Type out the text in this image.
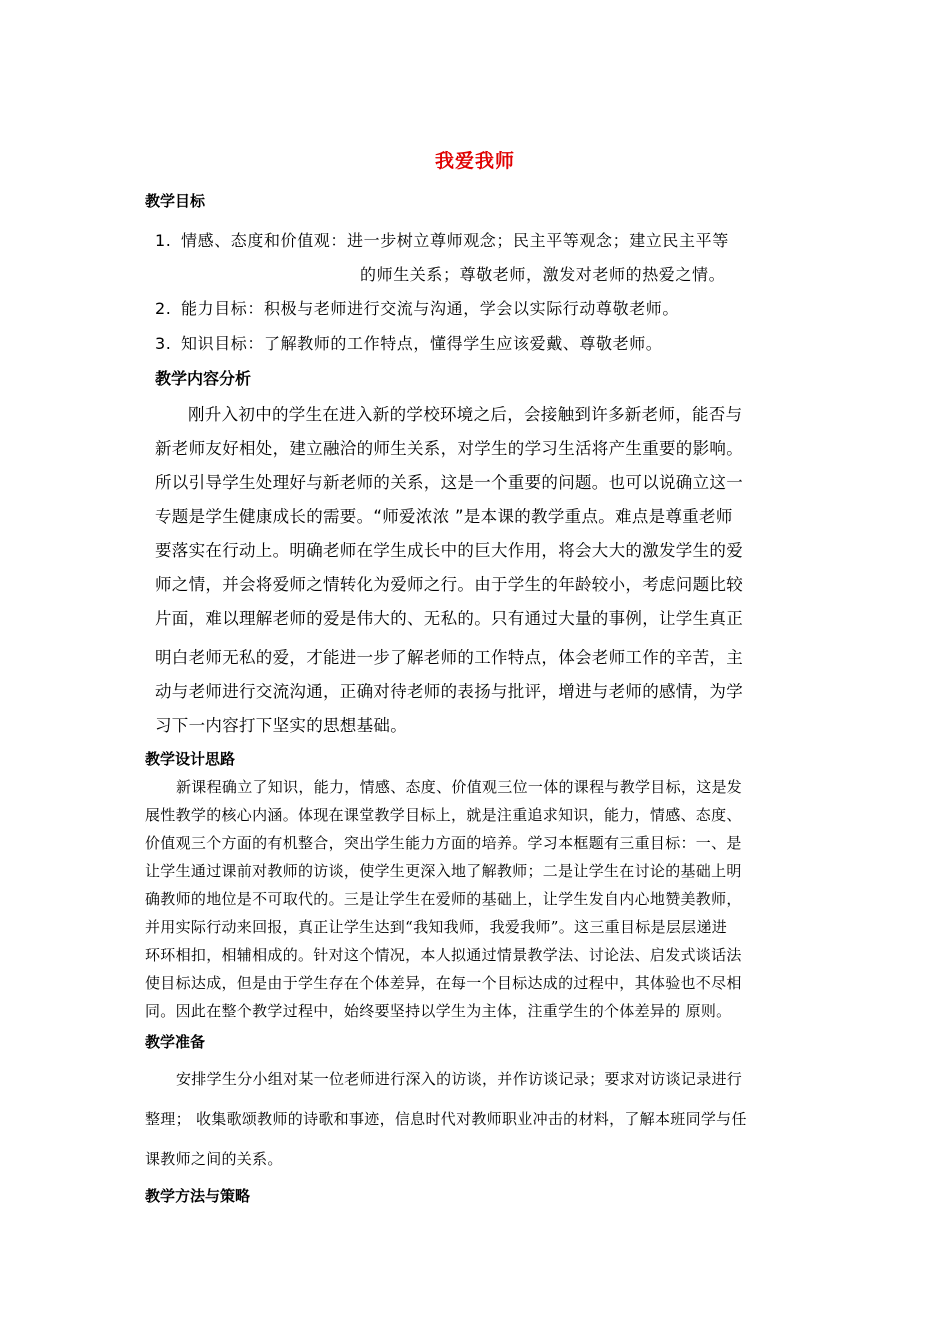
我爱我师
教学目标
1. 情感、态度和价值观：进一步树立尊师观念；民主平等观念；建立民主平等
的师生关系；尊敬老师，激发对老师的热爱之情。
2. 能力目标：积极与老师进行交流与沟通，学会以实际行动尊敬老师。
3. 知识目标：了解教师的工作特点，懂得学生应该爱戴、尊敬老师。
教学内容分析
刚升入初中的学生在进入新的学校环境之后，会接触到许多新老师，能否与
新老师友好相处，建立融洽的师生关系，对学生的学习生活将产生重要的影响。
所以引导学生处理好与新老师的关系，这是一个重要的问题。也可以说确立这一
专题是学生健康成长的需要。“师爱浓浓 ”是本课的教学重点。难点是尊重老师
要落实在行动上。明确老师在学生成长中的巨大作用，将会大大的激发学生的爱
师之情，并会将爱师之情转化为爱师之行。由于学生的年龄较小，考虑问题比较
片面，难以理解老师的爱是伟大的、无私的。只有通过大量的事例，让学生真正
明白老师无私的爱，才能进一步了解老师的工作特点，体会老师工作的辛苦，主
动与老师进行交流沟通，正确对待老师的表扬与批评，增进与老师的感情，为学
习下一内容打下坚实的思想基础。
教学设计思路
新课程确立了知识，能力，情感、态度、价值观三位一体的课程与教学目标，这是发
展性教学的核心内涵。体现在课堂教学目标上，就是注重追求知识，能力，情感、态度、
价值观三个方面的有机整合，突出学生能力方面的培养。学习本框题有三重目标：一、是
让学生通过课前对教师的访谈，使学生更深入地了解教师；二是让学生在讨论的基础上明
确教师的地位是不可取代的。三是让学生在爱师的基础上，让学生发自内心地赞美教师，
并用实际行动来回报，真正让学生达到“我知我师，我爱我师”。这三重目标是层层递进
环环相扣，相辅相成的。针对这个情况，本人拟通过情景教学法、讨论法、启发式谈话法
使目标达成，但是由于学生存在个体差异，在每一个目标达成的过程中，其体验也不尽相
同。因此在整个教学过程中，始终要坚持以学生为主体，注重学生的个体差异的 原则。
教学准备
安排学生分小组对某一位老师进行深入的访谈，并作访谈记录；要求对访谈记录进行
整理； 收集歌颂教师的诗歌和事迹，信息时代对教师职业冲击的材料，了解本班同学与任
课教师之间的关系。
教学方法与策略
